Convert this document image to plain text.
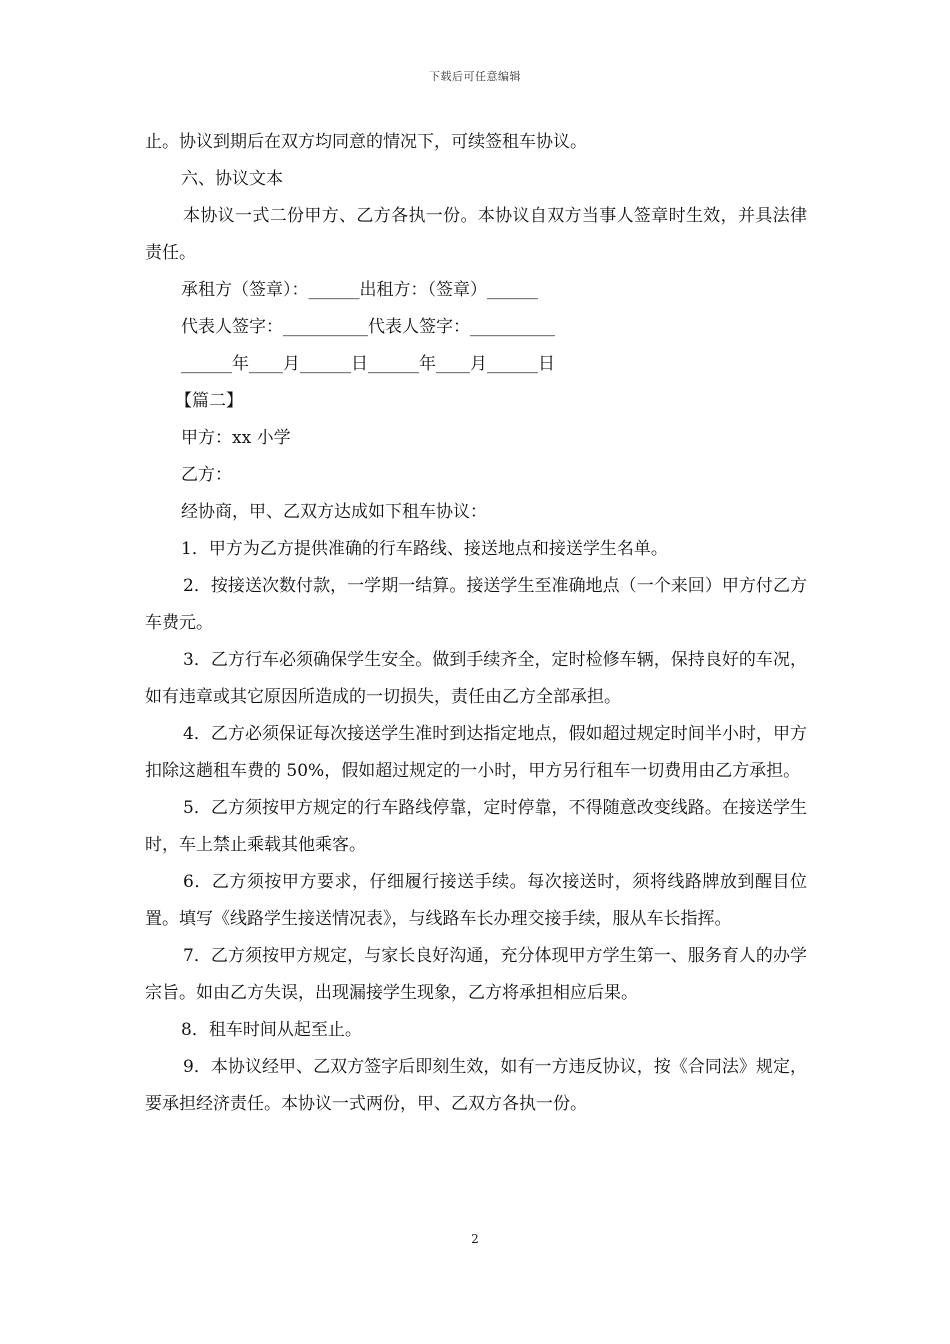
下载后可任意编辑

止。协议到期后在双方均同意的情况下，可续签租车协议。

六、协议文本

本协议一式二份甲方、乙方各执一份。本协议自双方当事人签章时生效，并具法律责任。

承租方（签章）：______出租方：（签章）______

代表人签字：__________代表人签字：__________

______年____月______日______年____月______日

【篇二】

甲方：xx 小学

乙方：

经协商，甲、乙双方达成如下租车协议：

1．甲方为乙方提供准确的行车路线、接送地点和接送学生名单。

2．按接送次数付款，一学期一结算。接送学生至准确地点（一个来回）甲方付乙方车费元。

3．乙方行车必须确保学生安全。做到手续齐全，定时检修车辆，保持良好的车况，如有违章或其它原因所造成的一切损失，责任由乙方全部承担。

4．乙方必须保证每次接送学生准时到达指定地点，假如超过规定时间半小时，甲方扣除这趟租车费的 50%，假如超过规定的一小时，甲方另行租车一切费用由乙方承担。

5．乙方须按甲方规定的行车路线停靠，定时停靠，不得随意改变线路。在接送学生时，车上禁止乘载其他乘客。

6．乙方须按甲方要求，仔细履行接送手续。每次接送时，须将线路牌放到醒目位置。填写《线路学生接送情况表》，与线路车长办理交接手续，服从车长指挥。

7．乙方须按甲方规定，与家长良好沟通，充分体现甲方学生第一、服务育人的办学宗旨。如由乙方失误，出现漏接学生现象，乙方将承担相应后果。

8．租车时间从起至止。

9．本协议经甲、乙双方签字后即刻生效，如有一方违反协议，按《合同法》规定，要承担经济责任。本协议一式两份，甲、乙双方各执一份。

2
